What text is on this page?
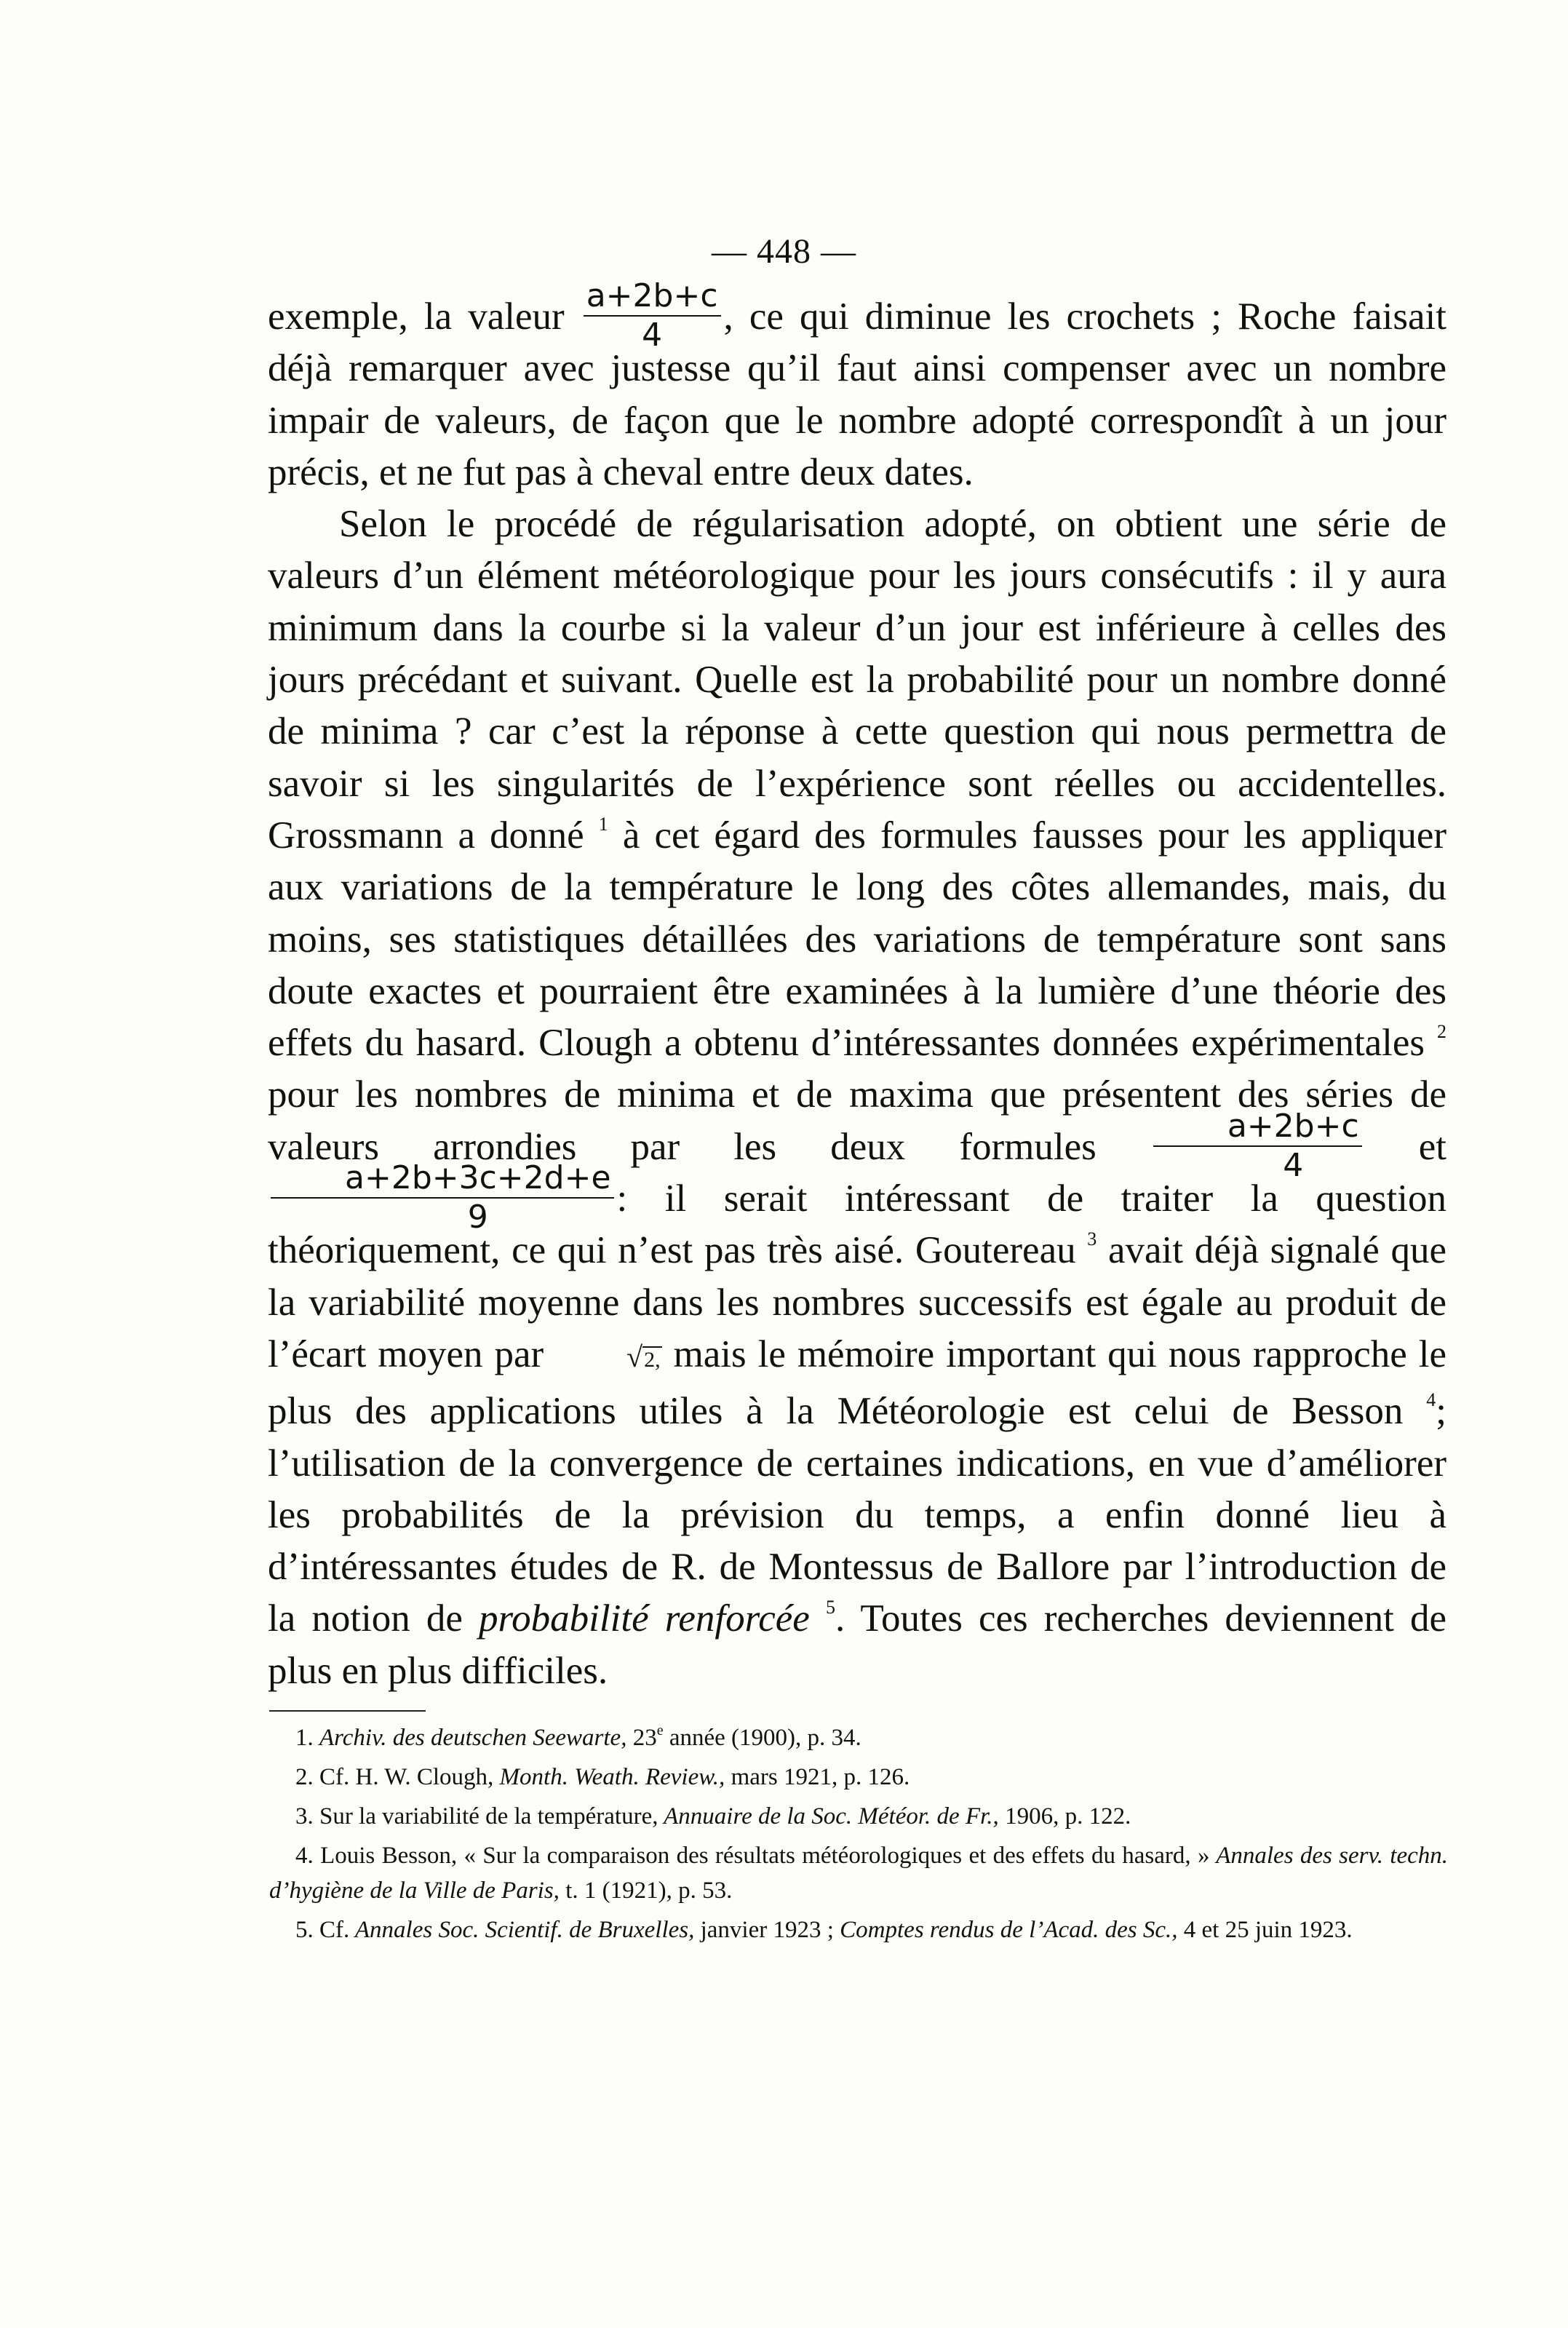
— 448 —

exemple, la valeur $\frac{a+2b+c}{4}$ , ce qui diminue les crochets ; Roche faisait déjà remarquer avec justesse qu’il faut ainsi compenser avec un nombre impair de valeurs, de façon que le nombre adopté correspondît à un jour précis, et ne fut pas à cheval entre deux dates.

Selon le procédé de régularisation adopté, on obtient une série de valeurs d’un élément météorologique pour les jours consécutifs : il y aura minimum dans la courbe si la valeur d’un jour est inférieure à celles des jours précédant et suivant. Quelle est la probabilité pour un nombre donné de minima ? car c’est la réponse à cette question qui nous permettra de savoir si les singularités de l’expérience sont réelles ou accidentelles. Grossmann a donné $^1$ à cet égard des formules fausses pour les appliquer aux variations de la température le long des côtes allemandes, mais, du moins, ses statistiques détaillées des variations de température sont sans doute exactes et pourraient être examinées à la lumière d’une théorie des effets du hasard. Clough a obtenu d’intéressantes données expérimentales $^2$ pour les nombres de minima et de maxima que présentent des séries de valeurs arrondies par les deux formules $\frac{a+2b+c}{4}$ et
$\frac{a+2b+3c+2d+e}{9}$ : il serait intéressant de traiter la question théoriquement, ce qui n’est pas très aisé. Goutereau $^3$ avait déjà signalé que la variabilité moyenne dans les nombres successifs est égale au produit de l’écart moyen par	√2, mais le mémoire important qui nous rapproche le plus des applications utiles à la Météorologie est celui de Besson $^4$; l’utilisation de la convergence de certaines indications, en vue d’améliorer les probabilités de la prévision du temps, a enfin donné lieu à d’intéressantes études de R. de Montessus de Ballore par l’introduction de la notion de probabilité renforcée $^5$. Toutes ces recherches deviennent de plus en plus difficiles.

1. Archiv. des deutschen Seewarte, 23e année (1900), p. 34.

2. Cf. H. W. Clough, Month. Weath. Review., mars 1921, p. 126.

3. Sur la variabilité de la température, Annuaire de la Soc. Météor. de Fr., 1906, p. 122.

4. Louis Besson, « Sur la comparaison des résultats météorologiques et des effets du hasard, » Annales des serv. techn. d’hygiène de la Ville de Paris, t. 1 (1921), p. 53.

5. Cf. Annales Soc. Scientif. de Bruxelles, janvier 1923 ; Comptes rendus de l’Acad. des Sc., 4 et 25 juin 1923.
